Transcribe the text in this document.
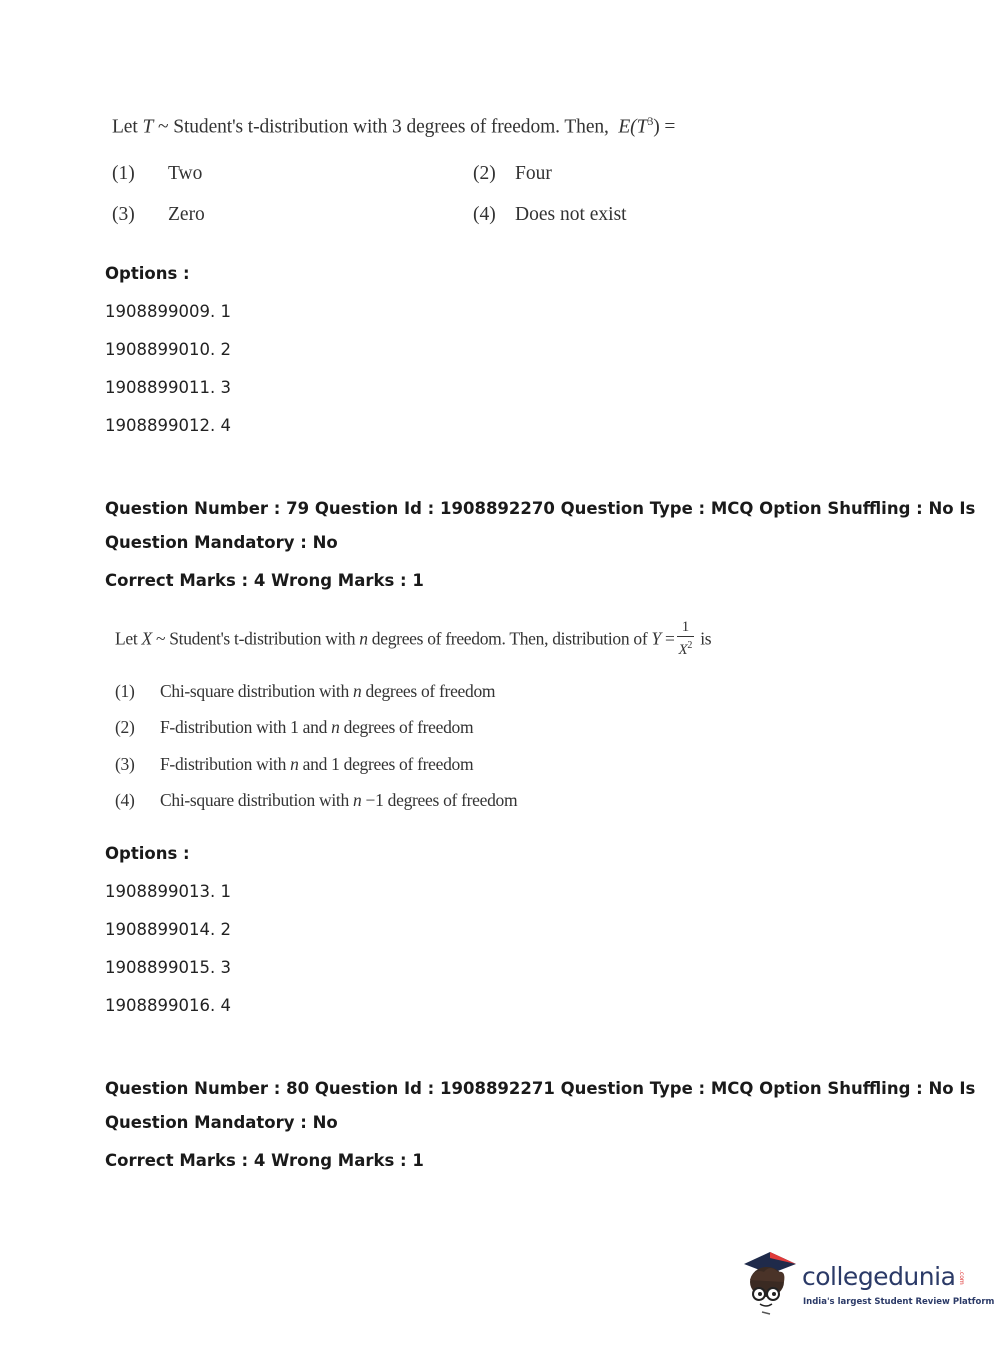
Let T ~ Student's t-distribution with 3 degrees of freedom. Then, $E(T^3)$ =
(1) Two	(2) Four
(3) Zero	(4) Does not exist
Options :
1908899009. 1
1908899010. 2
1908899011. 3
1908899012. 4
Question Number : 79 Question Id : 1908892270 Question Type : MCQ Option Shuffling : No Is
Question Mandatory : No
Correct Marks : 4 Wrong Marks : 1
Let X ~ Student's t-distribution with n degrees of freedom. Then, distribution of $Y = \frac{1}{X^2}$ is
(1) Chi-square distribution with n degrees of freedom
(2) F-distribution with 1 and n degrees of freedom
(3) F-distribution with n and 1 degrees of freedom
(4) Chi-square distribution with n −1 degrees of freedom
Options :
1908899013. 1
1908899014. 2
1908899015. 3
1908899016. 4
Question Number : 80 Question Id : 1908892271 Question Type : MCQ Option Shuffling : No Is
Question Mandatory : No
Correct Marks : 4 Wrong Marks : 1
collegedunia .com
India's largest Student Review Platform
